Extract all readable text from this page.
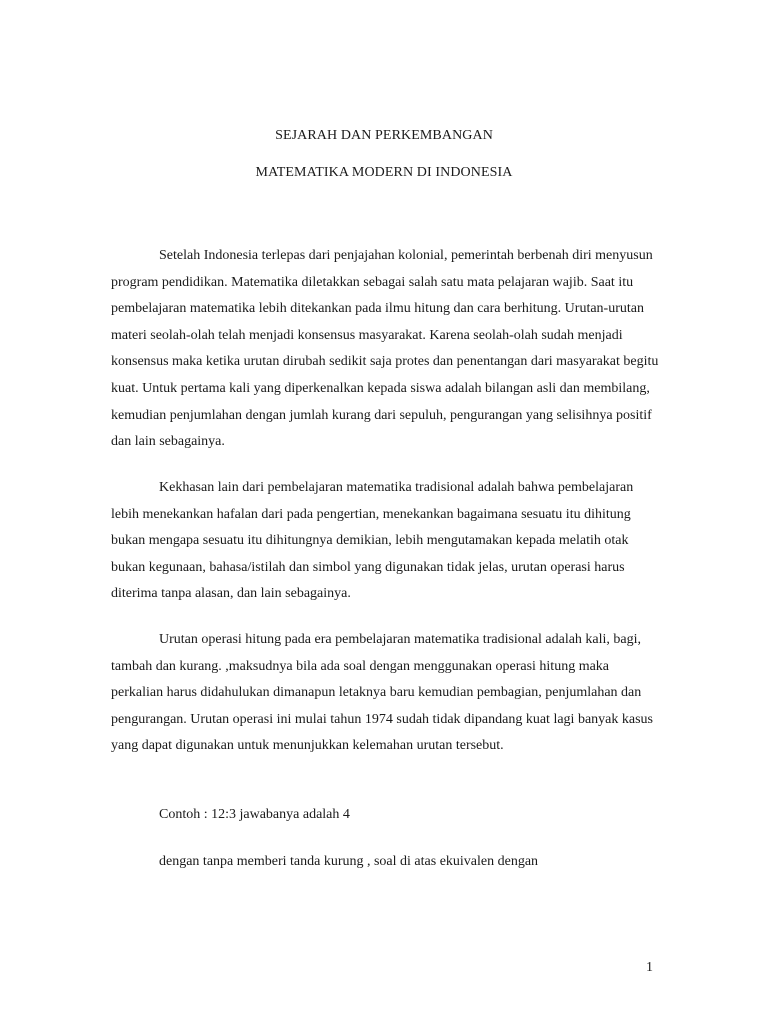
SEJARAH DAN PERKEMBANGAN
MATEMATIKA MODERN DI INDONESIA

Setelah Indonesia terlepas dari penjajahan kolonial, pemerintah berbenah diri menyusun program pendidikan. Matematika diletakkan sebagai salah satu mata pelajaran wajib. Saat itu pembelajaran matematika lebih ditekankan pada ilmu hitung dan cara berhitung. Urutan-urutan materi seolah-olah telah menjadi konsensus masyarakat. Karena seolah-olah sudah menjadi konsensus maka ketika urutan dirubah sedikit saja protes dan penentangan dari masyarakat begitu kuat. Untuk pertama kali yang diperkenalkan kepada siswa adalah bilangan asli dan membilang, kemudian penjumlahan dengan jumlah kurang dari sepuluh, pengurangan yang selisihnya positif dan lain sebagainya.

Kekhasan lain dari pembelajaran matematika tradisional adalah bahwa pembelajaran lebih menekankan hafalan dari pada pengertian, menekankan bagaimana sesuatu itu dihitung bukan mengapa sesuatu itu dihitungnya demikian, lebih mengutamakan kepada melatih otak bukan kegunaan, bahasa/istilah dan simbol yang digunakan tidak jelas, urutan operasi harus diterima tanpa alasan, dan lain sebagainya.

Urutan operasi hitung pada era pembelajaran matematika tradisional adalah kali, bagi, tambah dan kurang. ,maksudnya bila ada soal dengan menggunakan operasi hitung maka perkalian harus didahulukan dimanapun letaknya baru kemudian pembagian, penjumlahan dan pengurangan. Urutan operasi ini mulai tahun 1974 sudah tidak dipandang kuat lagi banyak kasus yang dapat digunakan untuk menunjukkan kelemahan urutan tersebut.

Contoh : 12:3 jawabanya adalah 4

dengan tanpa memberi tanda kurung , soal di atas ekuivalen dengan

1
